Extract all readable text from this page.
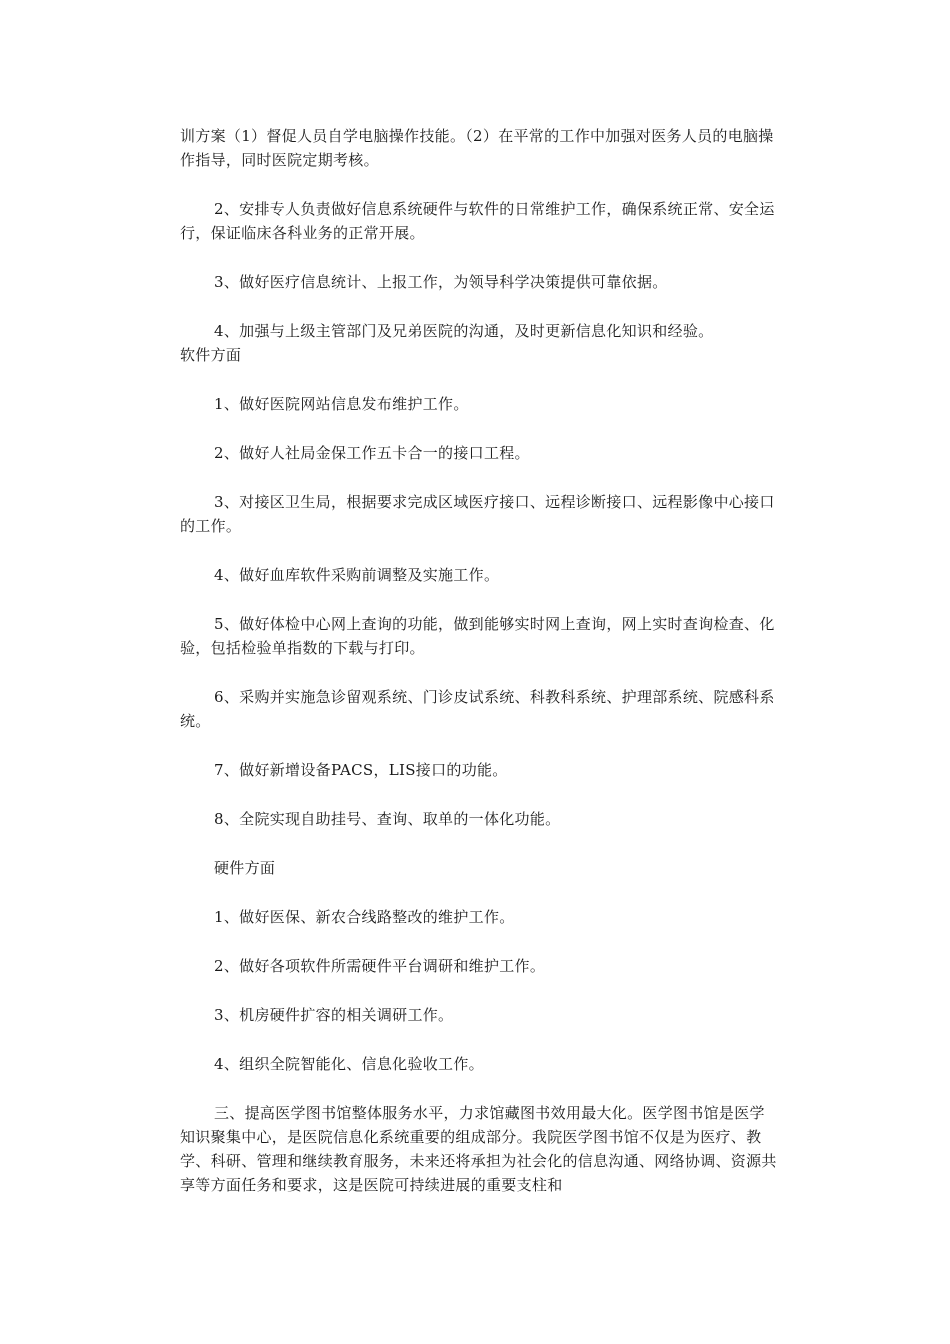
训方案（1）督促人员自学电脑操作技能。（2）在平常的工作中加强对医务人员的电脑操作指导，同时医院定期考核。

2、安排专人负责做好信息系统硬件与软件的日常维护工作，确保系统正常、安全运行，保证临床各科业务的正常开展。

3、做好医疗信息统计、上报工作，为领导科学决策提供可靠依据。

4、加强与上级主管部门及兄弟医院的沟通，及时更新信息化知识和经验。

软件方面

1、做好医院网站信息发布维护工作。

2、做好人社局金保工作五卡合一的接口工程。

3、对接区卫生局，根据要求完成区域医疗接口、远程诊断接口、远程影像中心接口的工作。

4、做好血库软件采购前调整及实施工作。

5、做好体检中心网上查询的功能，做到能够实时网上查询，网上实时查询检查、化验，包括检验单指数的下载与打印。

6、采购并实施急诊留观系统、门诊皮试系统、科教科系统、护理部系统、院感科系统。

7、做好新增设备PACS，LIS接口的功能。

8、全院实现自助挂号、查询、取单的一体化功能。

硬件方面

1、做好医保、新农合线路整改的维护工作。

2、做好各项软件所需硬件平台调研和维护工作。

3、机房硬件扩容的相关调研工作。

4、组织全院智能化、信息化验收工作。

三、提高医学图书馆整体服务水平，力求馆藏图书效用最大化。医学图书馆是医学知识聚集中心，是医院信息化系统重要的组成部分。我院医学图书馆不仅是为医疗、教学、科研、管理和继续教育服务，未来还将承担为社会化的信息沟通、网络协调、资源共享等方面任务和要求，这是医院可持续进展的重要支柱和
